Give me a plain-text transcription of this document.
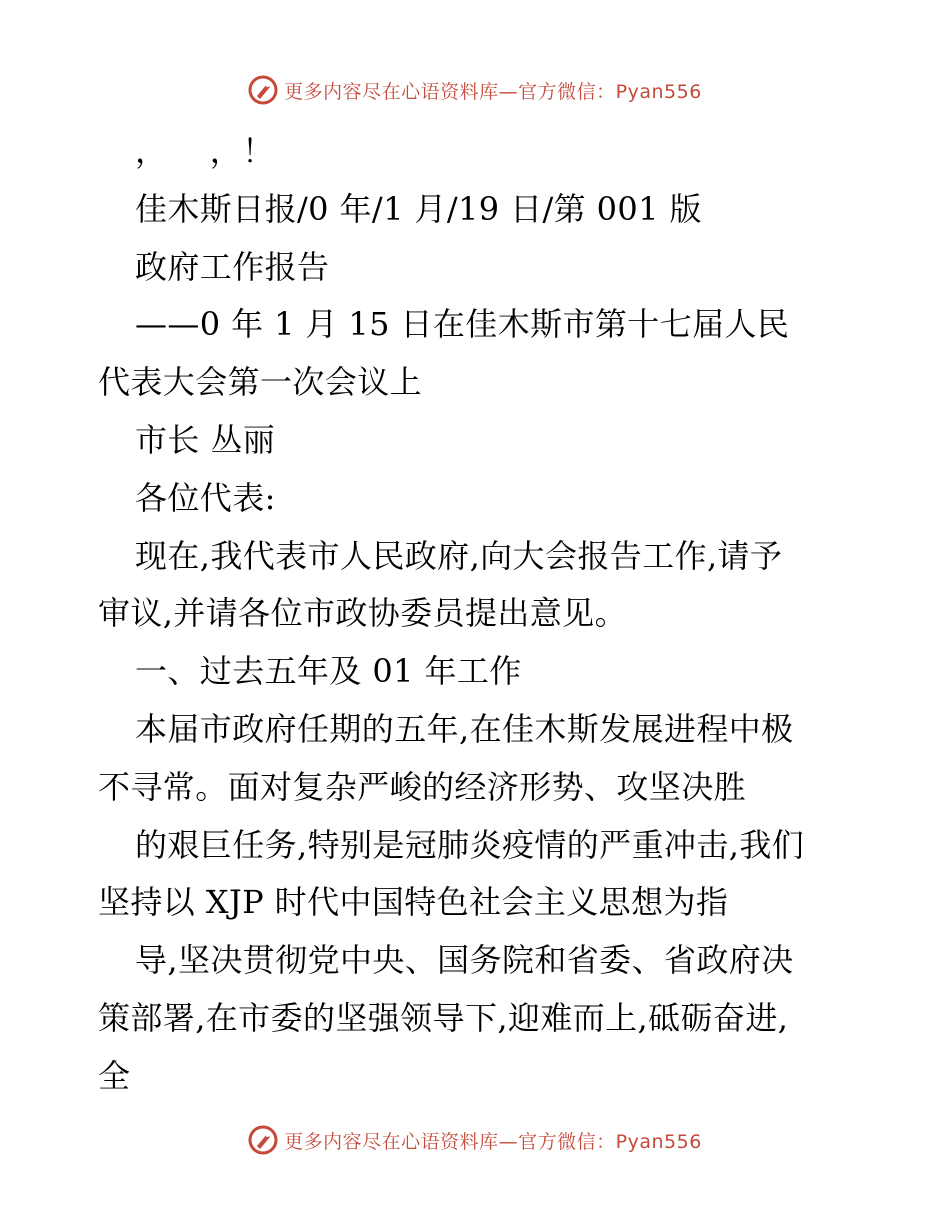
更多内容尽在心语资料库—官方微信：Pyan556
，    ，！
佳木斯日报/0 年/1 月/19 日/第 001 版
政府工作报告
——0 年 1 月 15 日在佳木斯市第十七届人民
代表大会第一次会议上
市长 丛丽
各位代表:
现在,我代表市人民政府,向大会报告工作,请予
审议,并请各位市政协委员提出意见。
一、过去五年及 01 年工作
本届市政府任期的五年,在佳木斯发展进程中极
不寻常。面对复杂严峻的经济形势、攻坚决胜
的艰巨任务,特别是冠肺炎疫情的严重冲击,我们
坚持以 XJP 时代中国特色社会主义思想为指
导,坚决贯彻党中央、国务院和省委、省政府决
策部署,在市委的坚强领导下,迎难而上,砥砺奋进,
全
更多内容尽在心语资料库—官方微信：Pyan556
